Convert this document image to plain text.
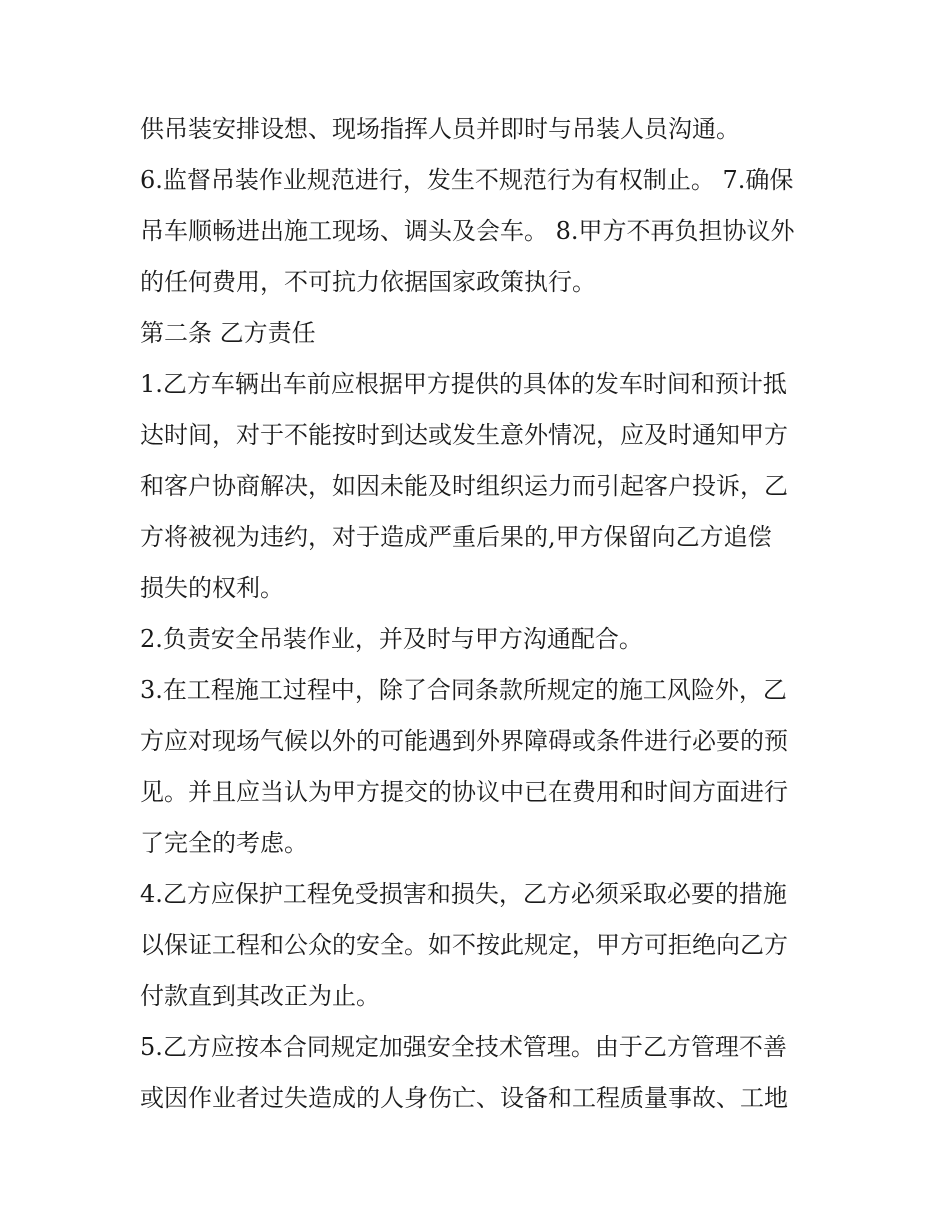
供吊装安排设想、现场指挥人员并即时与吊装人员沟通。
6.监督吊装作业规范进行，发生不规范行为有权制止。 7.确保
吊车顺畅进出施工现场、调头及会车。 8.甲方不再负担协议外
的任何费用，不可抗力依据国家政策执行。
第二条 乙方责任
1.乙方车辆出车前应根据甲方提供的具体的发车时间和预计抵
达时间，对于不能按时到达或发生意外情况，应及时通知甲方
和客户协商解决，如因未能及时组织运力而引起客户投诉，乙
方将被视为违约，对于造成严重后果的,甲方保留向乙方追偿
损失的权利。
2.负责安全吊装作业，并及时与甲方沟通配合。
3.在工程施工过程中，除了合同条款所规定的施工风险外，乙
方应对现场气候以外的可能遇到外界障碍或条件进行必要的预
见。并且应当认为甲方提交的协议中已在费用和时间方面进行
了完全的考虑。
4.乙方应保护工程免受损害和损失，乙方必须采取必要的措施
以保证工程和公众的安全。如不按此规定，甲方可拒绝向乙方
付款直到其改正为止。
5.乙方应按本合同规定加强安全技术管理。由于乙方管理不善
或因作业者过失造成的人身伤亡、设备和工程质量事故、工地
